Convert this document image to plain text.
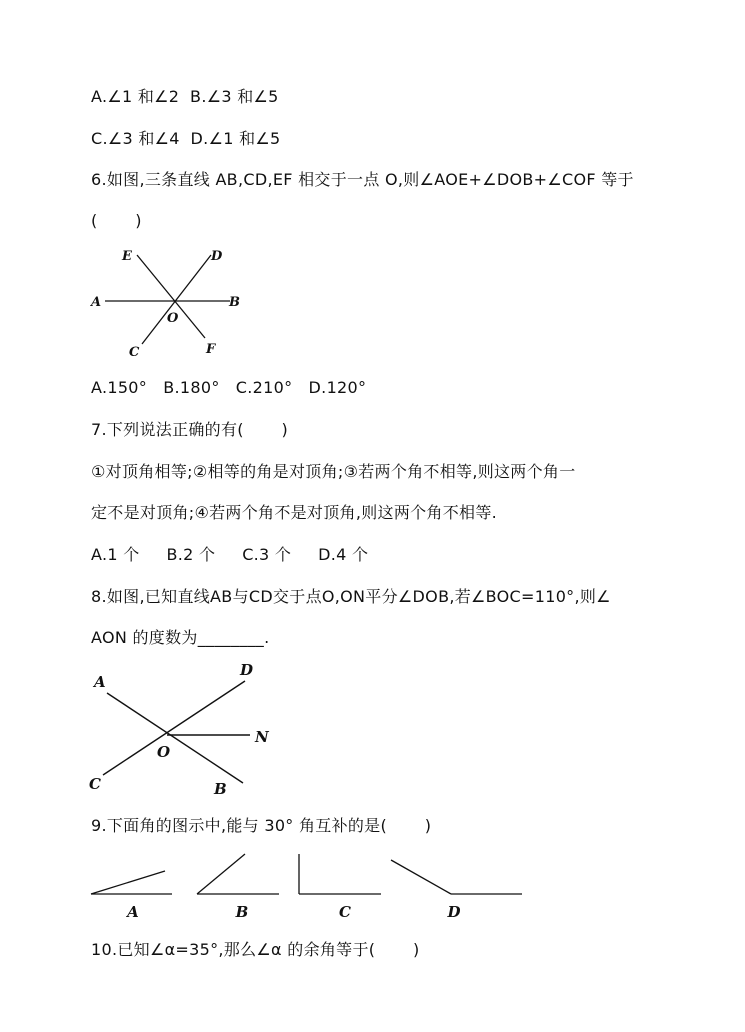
A.∠1 和∠2  B.∠3 和∠5
C.∠3 和∠4  D.∠1 和∠5
6.如图,三条直线 AB,CD,EF 相交于一点 O,则∠AOE+∠DOB+∠COF 等于
(       )
E	D
A	B
O
C	F
A.150°   B.180°   C.210°   D.120°
7.下列说法正确的有(       )
①对顶角相等;②相等的角是对顶角;③若两个角不相等,则这两个角一
定不是对顶角;④若两个角不是对顶角,则这两个角不相等.
A.1 个     B.2 个     C.3 个     D.4 个
8.如图,已知直线AB与CD交于点O,ON平分∠DOB,若∠BOC=110°,则∠
AON 的度数为________.
A
D
O
N
C	B
9.下面角的图示中,能与 30° 角互补的是(       )
A	B	C	D
10.已知∠α=35°,那么∠α 的余角等于(       )
